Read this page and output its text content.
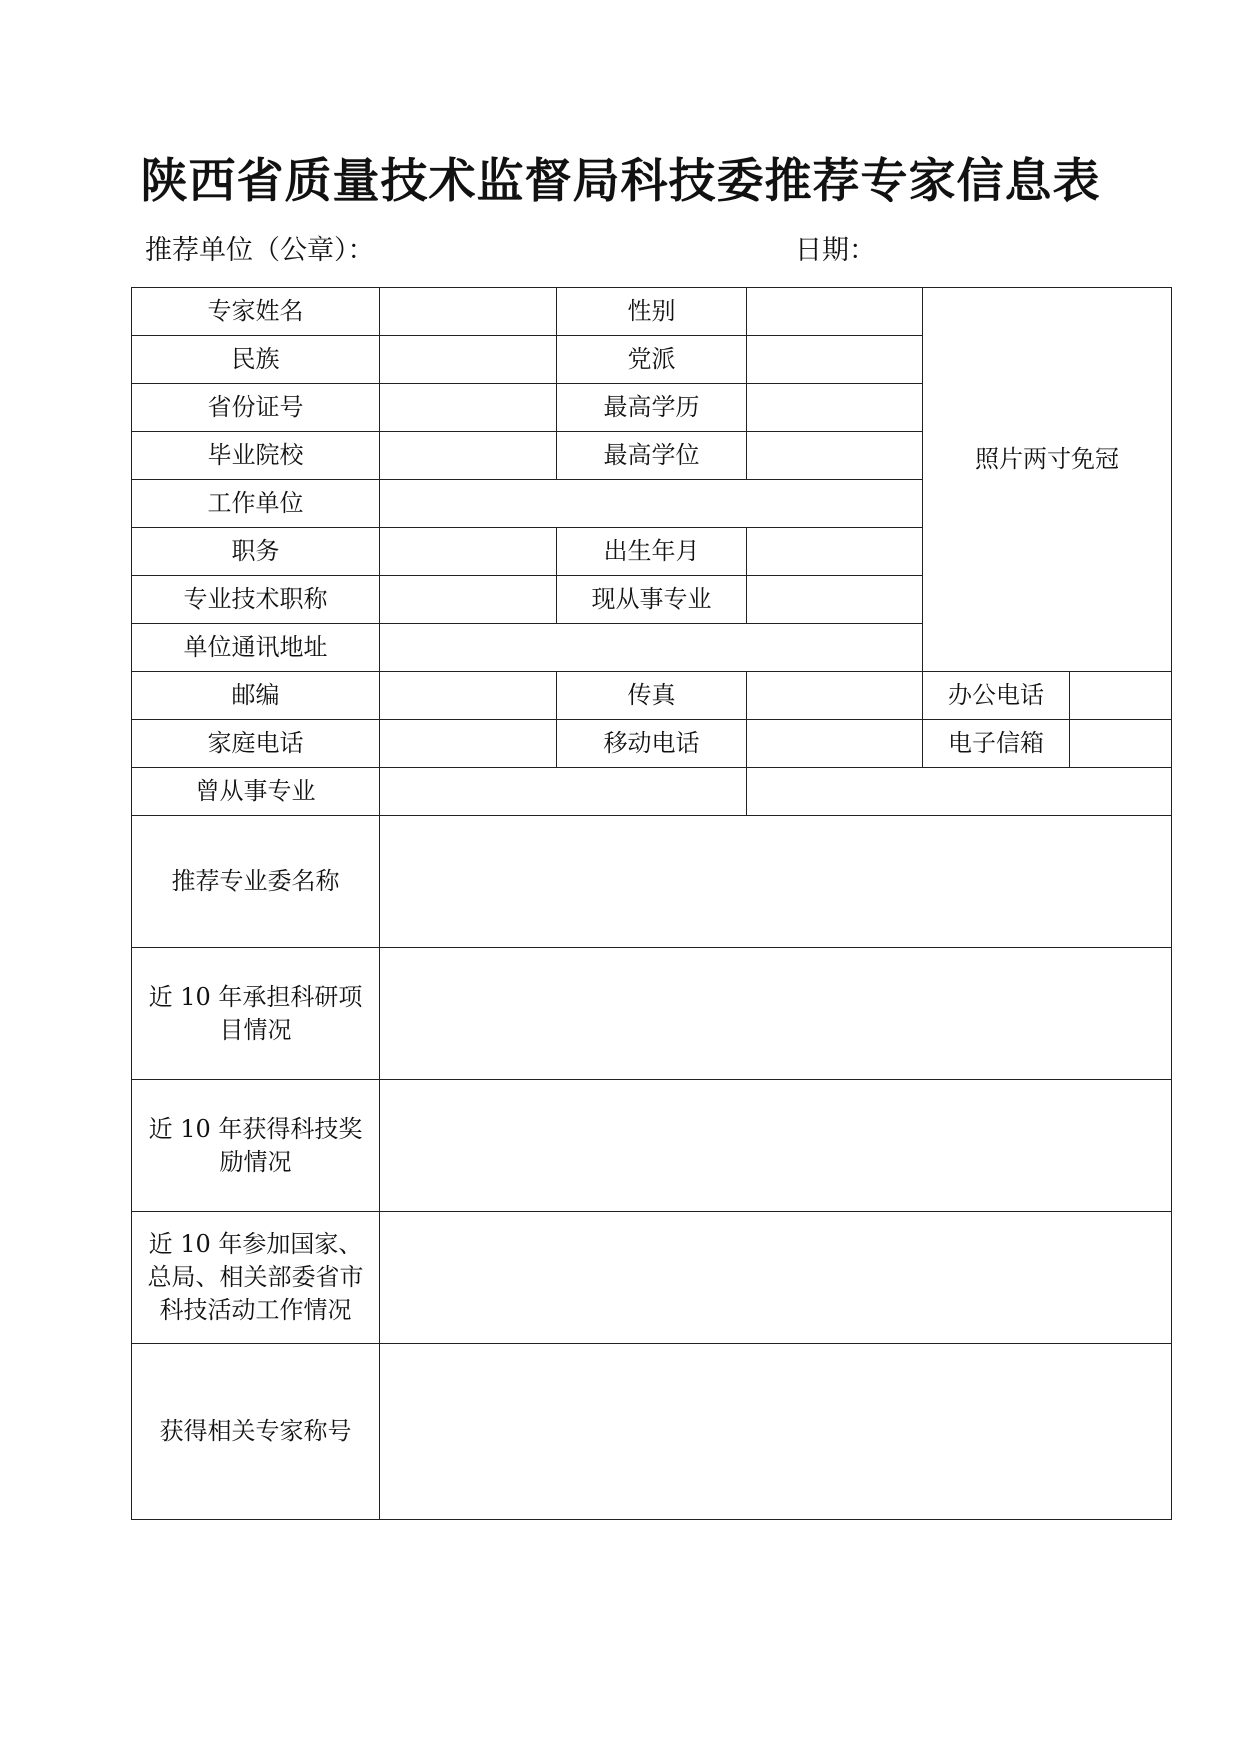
陕西省质量技术监督局科技委推荐专家信息表
推荐单位（公章）：	日期：
专家姓名		性别		照片两寸免冠	
民族		党派			
省份证号		最高学历			
毕业院校		最高学位			
工作单位					
职务		出生年月			
专业技术职称		现从事专业			
单位通讯地址					
邮编		传真		办公电话	
家庭电话		移动电话		电子信箱	
曾从事专业					
推荐专业委名称					
近 10 年承担科研项目情况					
近 10 年获得科技奖励情况					
近 10 年参加国家、总局、相关部委省市科技活动工作情况					
获得相关专家称号					
